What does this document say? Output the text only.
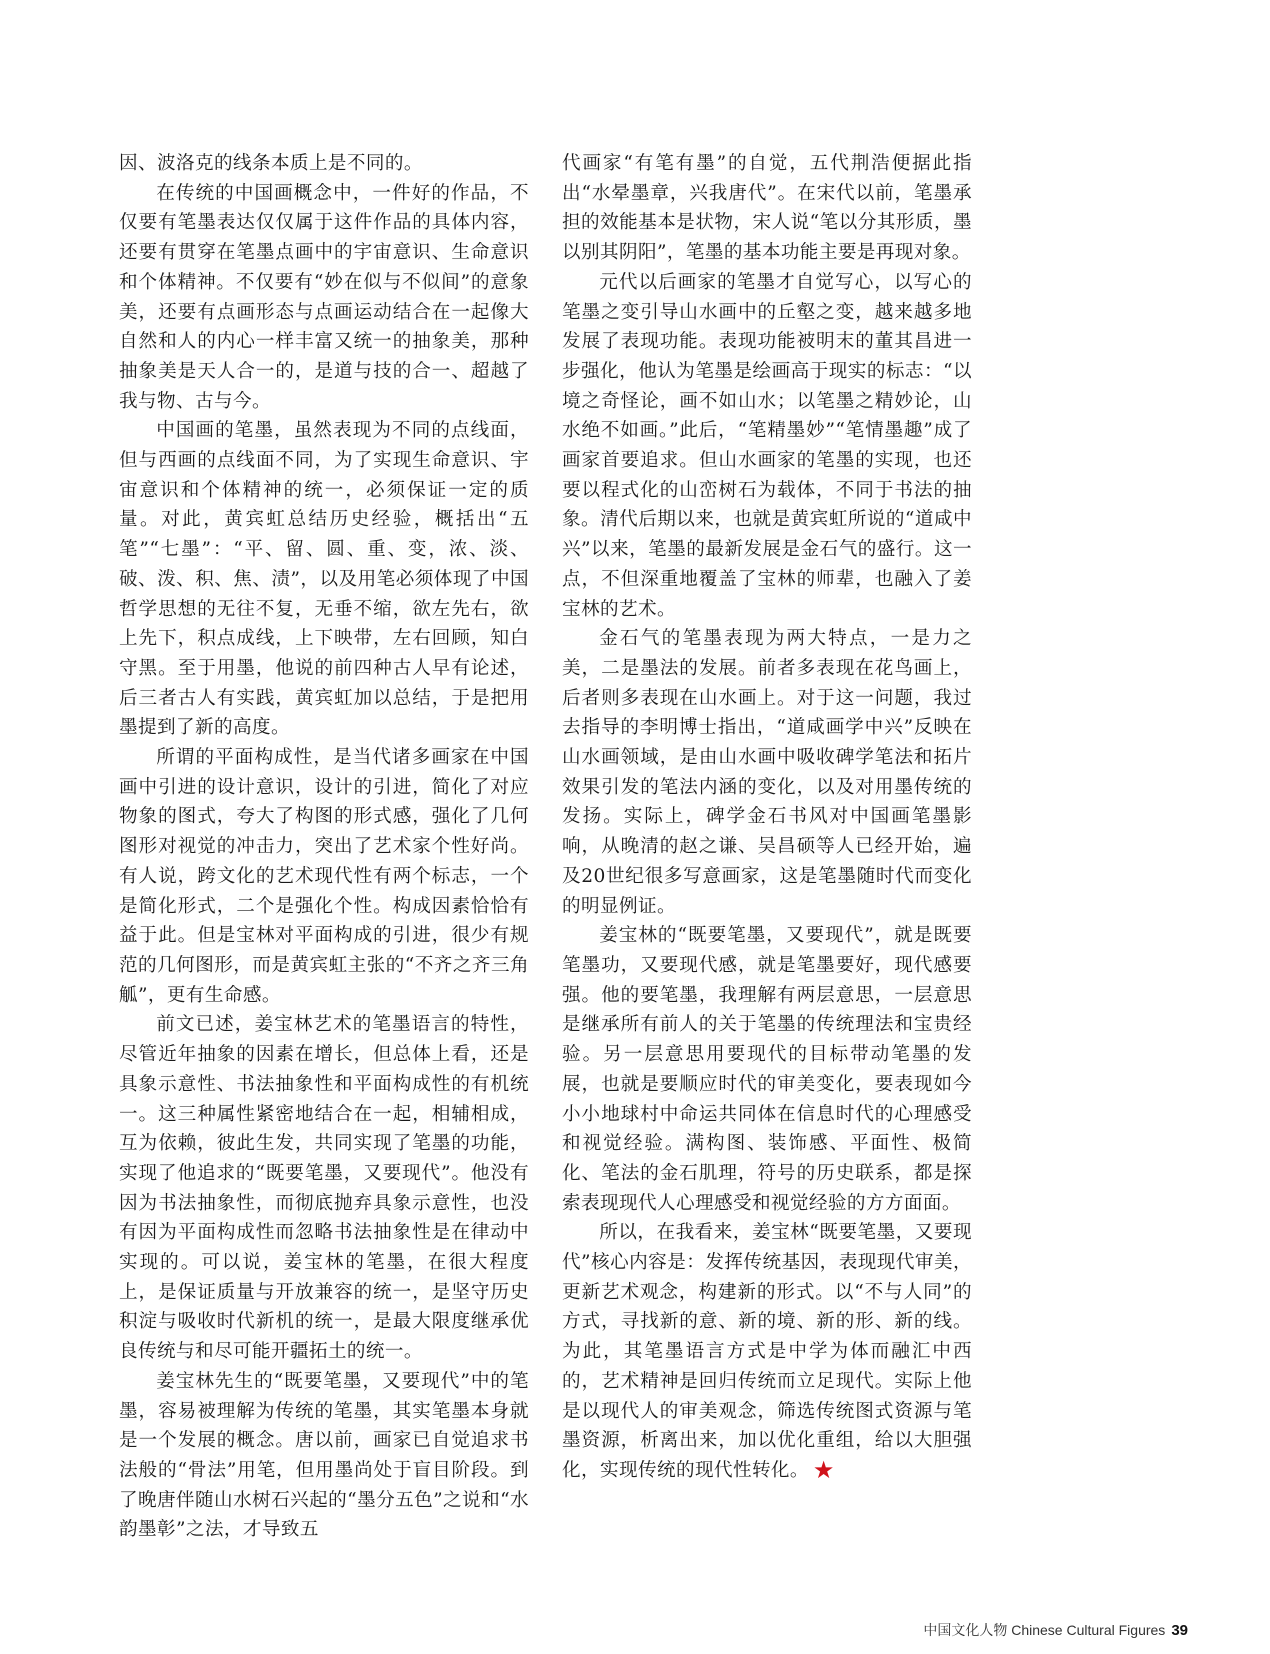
因、波洛克的线条本质上是不同的。

在传统的中国画概念中，一件好的作品，不仅要有笔墨表达仅仅属于这件作品的具体内容，还要有贯穿在笔墨点画中的宇宙意识、生命意识和个体精神。不仅要有“妙在似与不似间”的意象美，还要有点画形态与点画运动结合在一起像大自然和人的内心一样丰富又统一的抽象美，那种抽象美是天人合一的，是道与技的合一、超越了我与物、古与今。

中国画的笔墨，虽然表现为不同的点线面，但与西画的点线面不同，为了实现生命意识、宇宙意识和个体精神的统一，必须保证一定的质量。对此，黄宾虹总结历史经验，概括出“五笔”“七墨”：“平、留、圆、重、变，浓、淡、破、泼、积、焦、渍”，以及用笔必须体现了中国哲学思想的无往不复，无垂不缩，欲左先右，欲上先下，积点成线，上下映带，左右回顾，知白守黑。至于用墨，他说的前四种古人早有论述，后三者古人有实践，黄宾虹加以总结，于是把用墨提到了新的高度。

所谓的平面构成性，是当代诸多画家在中国画中引进的设计意识，设计的引进，简化了对应物象的图式，夸大了构图的形式感，强化了几何图形对视觉的冲击力，突出了艺术家个性好尚。有人说，跨文化的艺术现代性有两个标志，一个是简化形式，二个是强化个性。构成因素恰恰有益于此。但是宝林对平面构成的引进，很少有规范的几何图形，而是黄宾虹主张的“不齐之齐三角觚”，更有生命感。

前文已述，姜宝林艺术的笔墨语言的特性，尽管近年抽象的因素在增长，但总体上看，还是具象示意性、书法抽象性和平面构成性的有机统一。这三种属性紧密地结合在一起，相辅相成，互为依赖，彼此生发，共同实现了笔墨的功能，实现了他追求的“既要笔墨，又要现代”。他没有因为书法抽象性，而彻底抛弃具象示意性，也没有因为平面构成性而忽略书法抽象性是在律动中实现的。可以说，姜宝林的笔墨，在很大程度上，是保证质量与开放兼容的统一，是坚守历史积淀与吸收时代新机的统一，是最大限度继承优良传统与和尽可能开疆拓土的统一。

姜宝林先生的“既要笔墨，又要现代”中的笔墨，容易被理解为传统的笔墨，其实笔墨本身就是一个发展的概念。唐以前，画家已自觉追求书法般的“骨法”用笔，但用墨尚处于盲目阶段。到了晚唐伴随山水树石兴起的“墨分五色”之说和“水韵墨彰”之法，才导致五

代画家“有笔有墨”的自觉，五代荆浩便据此指出“水晕墨章，兴我唐代”。在宋代以前，笔墨承担的效能基本是状物，宋人说“笔以分其形质，墨以别其阴阳”，笔墨的基本功能主要是再现对象。

元代以后画家的笔墨才自觉写心，以写心的笔墨之变引导山水画中的丘壑之变，越来越多地发展了表现功能。表现功能被明末的董其昌进一步强化，他认为笔墨是绘画高于现实的标志：“以境之奇怪论，画不如山水；以笔墨之精妙论，山水绝不如画。”此后，“笔精墨妙”“笔情墨趣”成了画家首要追求。但山水画家的笔墨的实现，也还要以程式化的山峦树石为载体，不同于书法的抽象。清代后期以来，也就是黄宾虹所说的“道咸中兴”以来，笔墨的最新发展是金石气的盛行。这一点，不但深重地覆盖了宝林的师辈，也融入了姜宝林的艺术。

金石气的笔墨表现为两大特点，一是力之美，二是墨法的发展。前者多表现在花鸟画上，后者则多表现在山水画上。对于这一问题，我过去指导的李明博士指出，“道咸画学中兴”反映在山水画领域，是由山水画中吸收碑学笔法和拓片效果引发的笔法内涵的变化，以及对用墨传统的发扬。实际上，碑学金石书风对中国画笔墨影响，从晚清的赵之谦、吴昌硕等人已经开始，遍及20世纪很多写意画家，这是笔墨随时代而变化的明显例证。

姜宝林的“既要笔墨，又要现代”，就是既要笔墨功，又要现代感，就是笔墨要好，现代感要强。他的要笔墨，我理解有两层意思，一层意思是继承所有前人的关于笔墨的传统理法和宝贵经验。另一层意思用要现代的目标带动笔墨的发展，也就是要顺应时代的审美变化，要表现如今小小地球村中命运共同体在信息时代的心理感受和视觉经验。满构图、装饰感、平面性、极简化、笔法的金石肌理，符号的历史联系，都是探索表现现代人心理感受和视觉经验的方方面面。

所以，在我看来，姜宝林“既要笔墨，又要现代”核心内容是：发挥传统基因，表现现代审美，更新艺术观念，构建新的形式。以“不与人同”的方式，寻找新的意、新的境、新的形、新的线。为此，其笔墨语言方式是中学为体而融汇中西的，艺术精神是回归传统而立足现代。实际上他是以现代人的审美观念，筛选传统图式资源与笔墨资源，析离出来，加以优化重组，给以大胆强化，实现传统的现代性转化。 ★

中国文化人物 Chinese Cultural Figures 39
